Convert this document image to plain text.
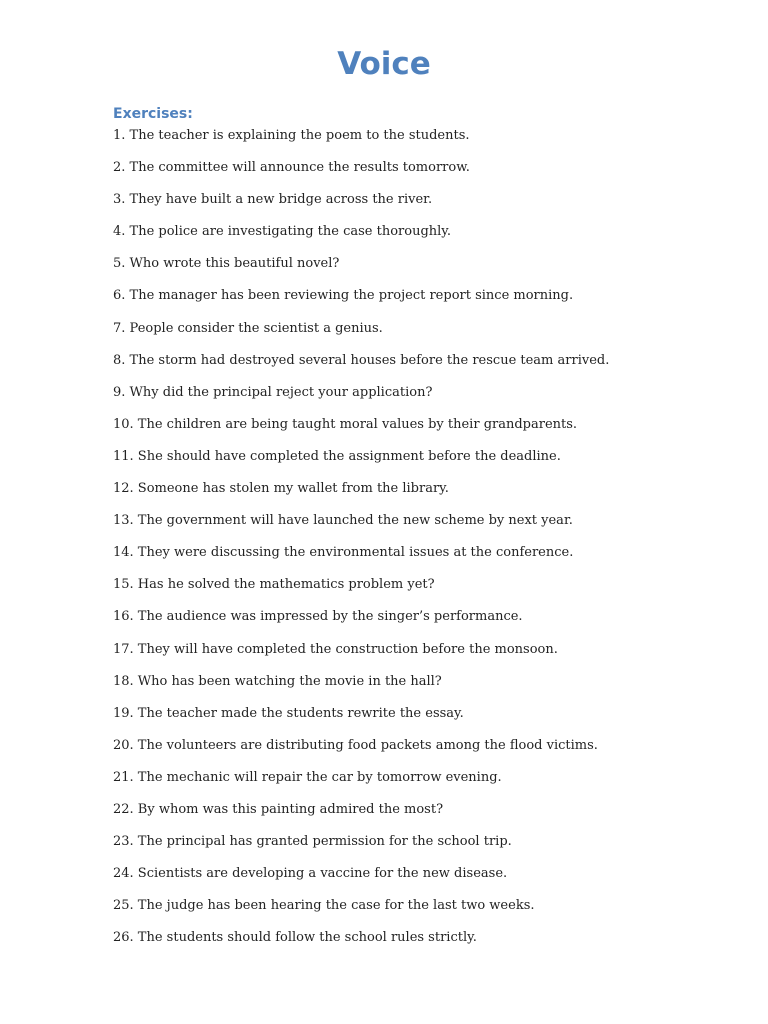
Voice
Exercises:
1. The teacher is explaining the poem to the students.
2. The committee will announce the results tomorrow.
3. They have built a new bridge across the river.
4. The police are investigating the case thoroughly.
5. Who wrote this beautiful novel?
6. The manager has been reviewing the project report since morning.
7. People consider the scientist a genius.
8. The storm had destroyed several houses before the rescue team arrived.
9. Why did the principal reject your application?
10. The children are being taught moral values by their grandparents.
11. She should have completed the assignment before the deadline.
12. Someone has stolen my wallet from the library.
13. The government will have launched the new scheme by next year.
14. They were discussing the environmental issues at the conference.
15. Has he solved the mathematics problem yet?
16. The audience was impressed by the singer’s performance.
17. They will have completed the construction before the monsoon.
18. Who has been watching the movie in the hall?
19. The teacher made the students rewrite the essay.
20. The volunteers are distributing food packets among the flood victims.
21. The mechanic will repair the car by tomorrow evening.
22. By whom was this painting admired the most?
23. The principal has granted permission for the school trip.
24. Scientists are developing a vaccine for the new disease.
25. The judge has been hearing the case for the last two weeks.
26. The students should follow the school rules strictly.
